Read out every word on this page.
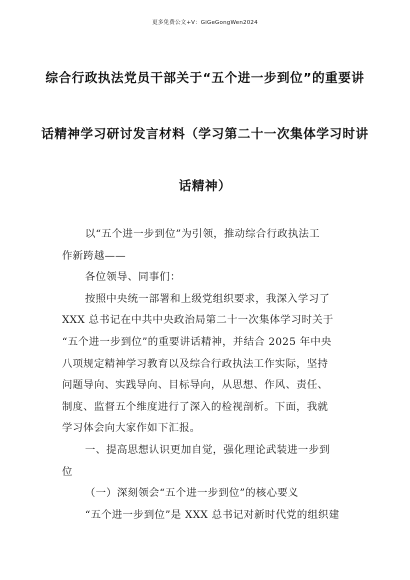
更多免费公文+V：GiGeGongWen2024
综合行政执法党员干部关于“五个进一步到位”的重要讲
话精神学习研讨发言材料（学习第二十一次集体学习时讲
话精神）
以“五个进一步到位”为引领，推动综合行政执法工
作新跨越——
各位领导、同事们：
按照中央统一部署和上级党组织要求，我深入学习了
XXX 总书记在中共中央政治局第二十一次集体学习时关于
“五个进一步到位”的重要讲话精神，并结合 2025 年中央
八项规定精神学习教育以及综合行政执法工作实际，坚持
问题导向、实践导向、目标导向，从思想、作风、责任、
制度、监督五个维度进行了深入的检视剖析。下面，我就
学习体会向大家作如下汇报。
一、提高思想认识更加自觉，强化理论武装进一步到
位
（一）深刻领会“五个进一步到位”的核心要义
“五个进一步到位”是 XXX 总书记对新时代党的组织建
